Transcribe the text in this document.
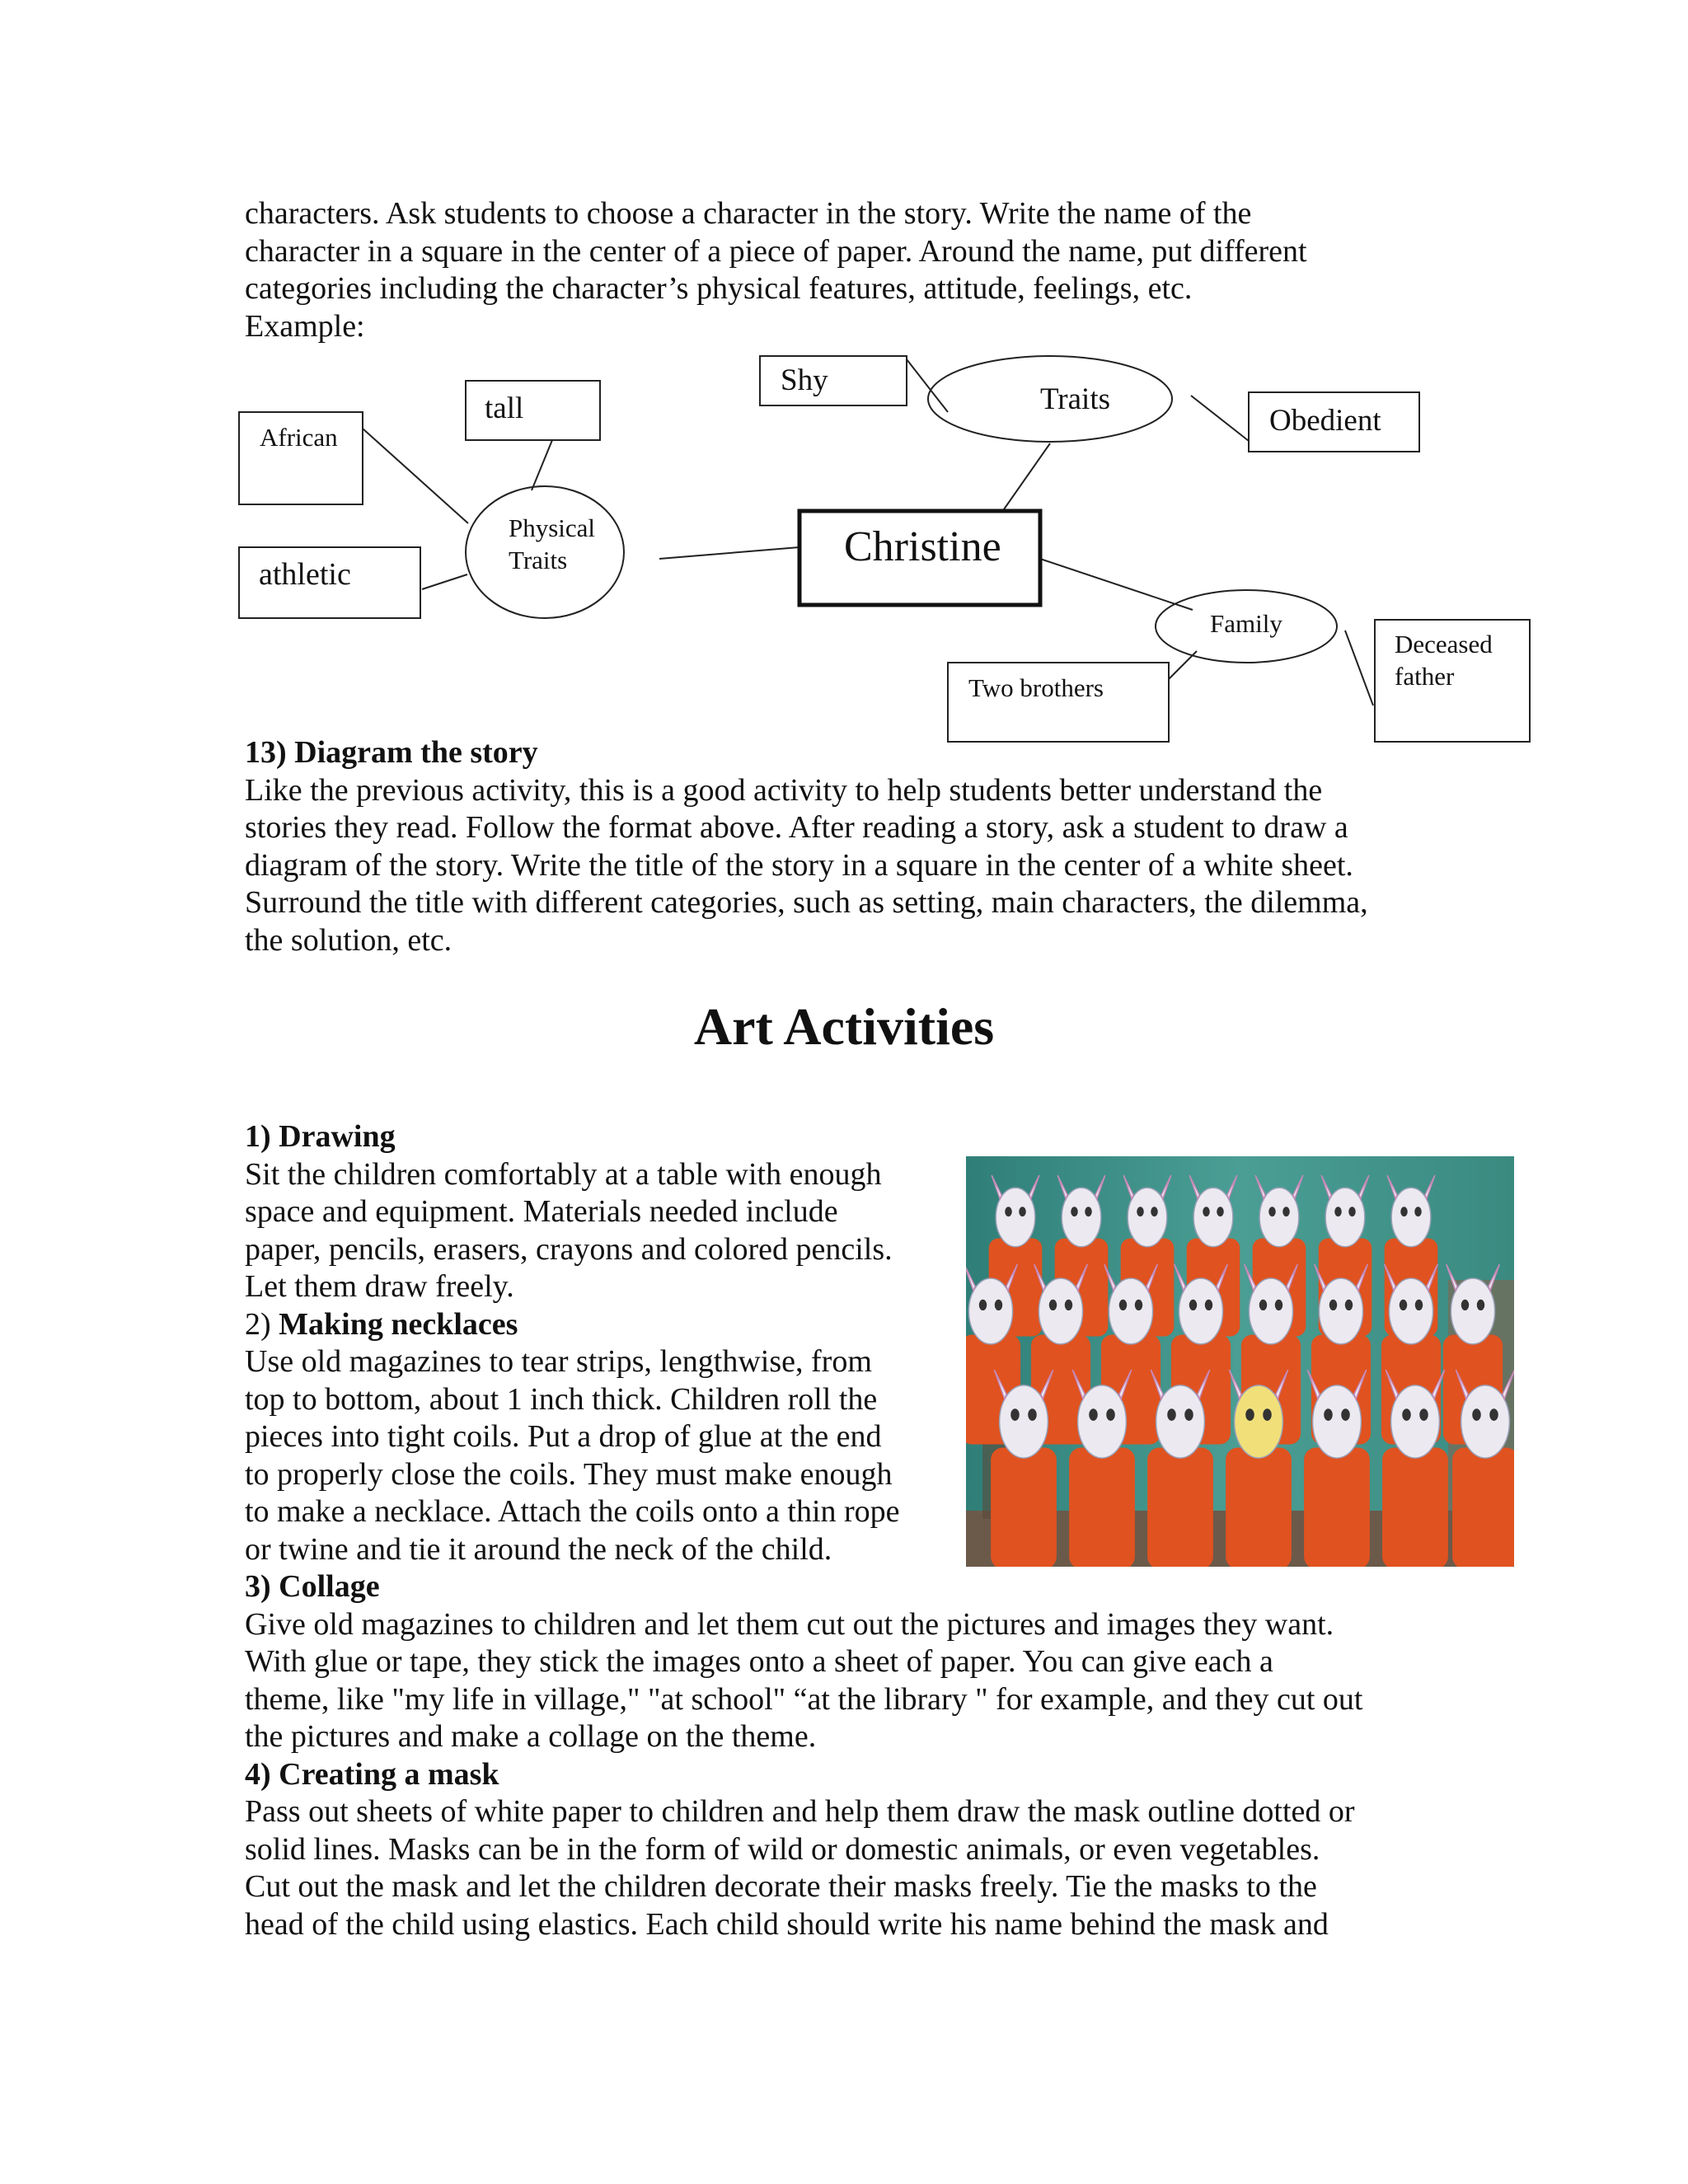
characters. Ask students to choose a character in the story. Write the name of the
character in a square in the center of a piece of paper. Around the name, put different
categories including the character’s physical features, attitude, feelings, etc.
Example:

African
tall
athletic
Shy
Obedient
Two brothers
Deceased
father
Physical
Traits
Traits
Family
Christine
13) Diagram the story
Like the previous activity, this is a good activity to help students better understand the
stories they read. Follow the format above. After reading a story, ask a student to draw a
diagram of the story. Write the title of the story in a square in the center of a white sheet.
Surround the title with different categories, such as setting, main characters, the dilemma,
the solution, etc.
Art Activities
1) Drawing
Sit the children comfortably at a table with enough
space and equipment. Materials needed include
paper, pencils, erasers, crayons and colored pencils.
Let them draw freely.
2) Making necklaces
Use old magazines to tear strips, lengthwise, from
top to bottom, about 1 inch thick. Children roll the
pieces into tight coils. Put a drop of glue at the end
to properly close the coils. They must make enough
to make a necklace. Attach the coils onto a thin rope
or twine and tie it around the neck of the child.
3) Collage
Give old magazines to children and let them cut out the pictures and images they want.
With glue or tape, they stick the images onto a sheet of paper. You can give each a
theme, like "my life in village," "at school" “at the library " for example, and they cut out
the pictures and make a collage on the theme.
4) Creating a mask
Pass out sheets of white paper to children and help them draw the mask outline dotted or
solid lines. Masks can be in the form of wild or domestic animals, or even vegetables.
Cut out the mask and let the children decorate their masks freely. Tie the masks to the
head of the child using elastics. Each child should write his name behind the mask and
